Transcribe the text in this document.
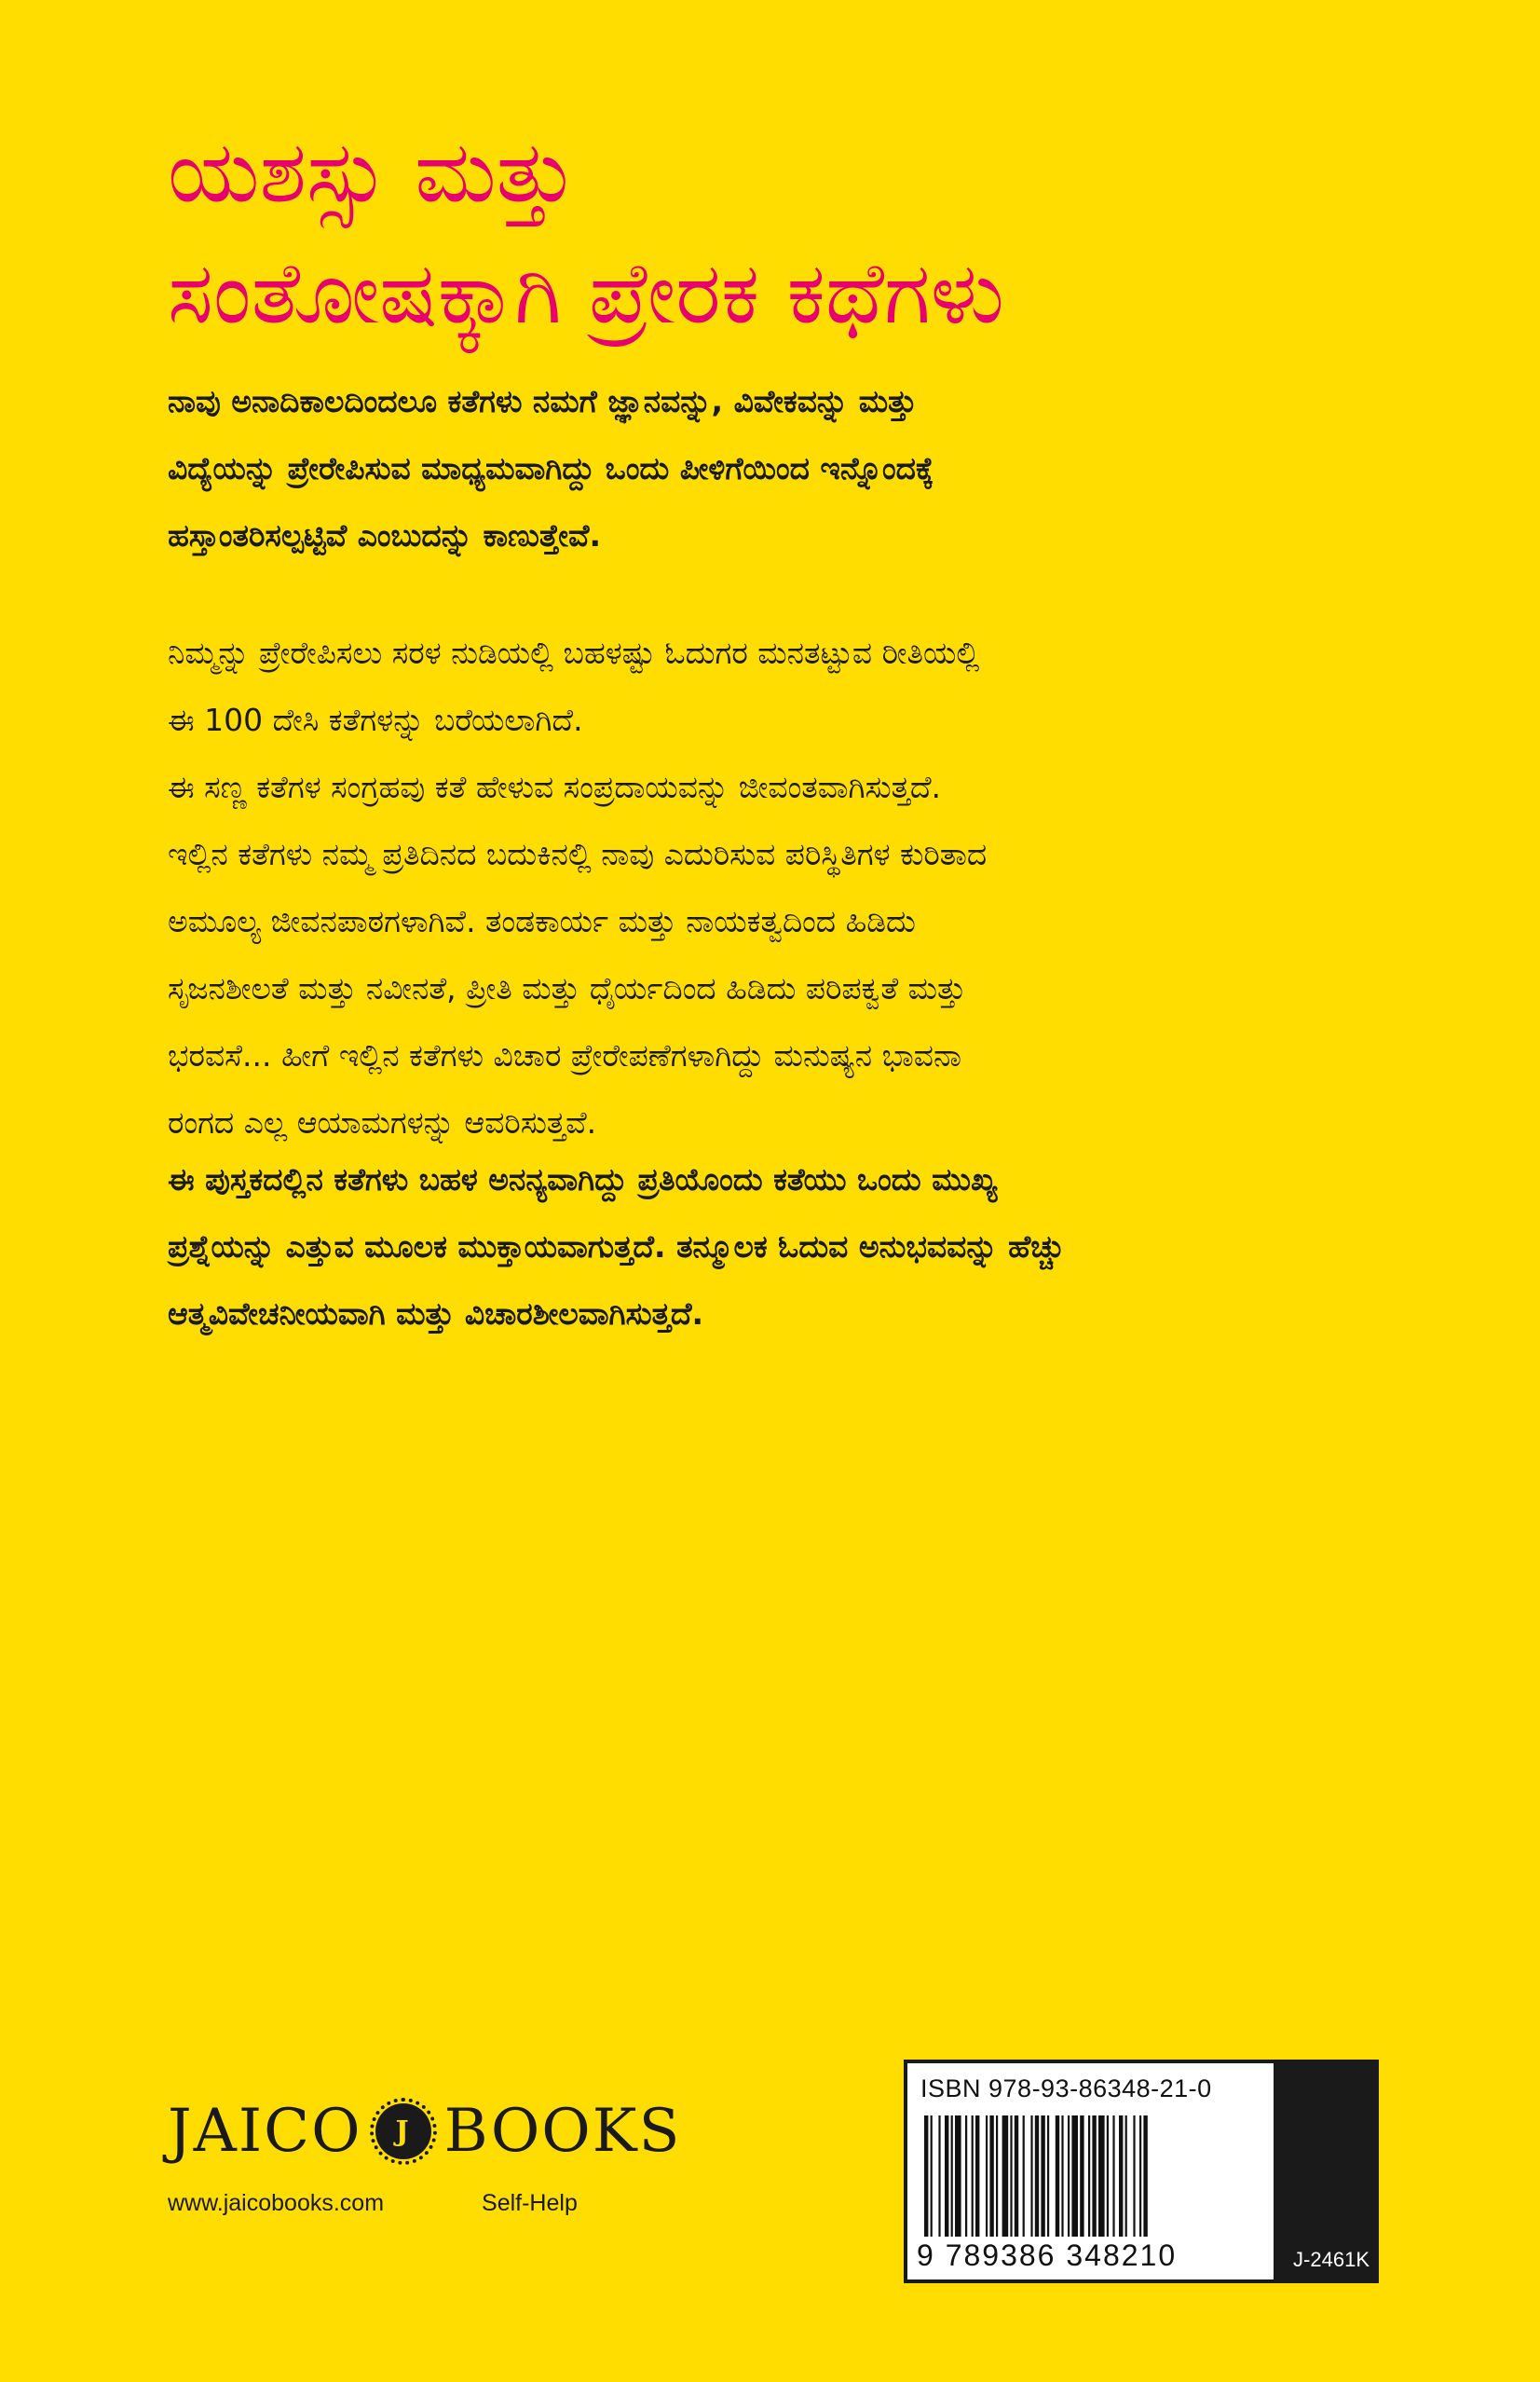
ಯಶಸ್ಸು ಮತ್ತು
ಸಂತೋಷಕ್ಕಾಗಿ ಪ್ರೇರಕ ಕಥೆಗಳು

ನಾವು ಅನಾದಿಕಾಲದಿಂದಲೂ ಕತೆಗಳು ನಮಗೆ ಜ್ಞಾನವನ್ನು, ವಿವೇಕವನ್ನು ಮತ್ತು
ವಿದ್ಯೆಯನ್ನು ಪ್ರೇರೇಪಿಸುವ ಮಾಧ್ಯಮವಾಗಿದ್ದು ಒಂದು ಪೀಳಿಗೆಯಿಂದ ಇನ್ನೊಂದಕ್ಕೆ
ಹಸ್ತಾಂತರಿಸಲ್ಪಟ್ಟಿವೆ ಎಂಬುದನ್ನು ಕಾಣುತ್ತೇವೆ.

ನಿಮ್ಮನ್ನು ಪ್ರೇರೇಪಿಸಲು ಸರಳ ನುಡಿಯಲ್ಲಿ ಬಹಳಷ್ಟು ಓದುಗರ ಮನತಟ್ಟುವ ರೀತಿಯಲ್ಲಿ
ಈ 100 ದೇಸಿ ಕತೆಗಳನ್ನು ಬರೆಯಲಾಗಿದೆ.
ಈ ಸಣ್ಣ ಕತೆಗಳ ಸಂಗ್ರಹವು ಕತೆ ಹೇಳುವ ಸಂಪ್ರದಾಯವನ್ನು ಜೀವಂತವಾಗಿಸುತ್ತದೆ.
ಇಲ್ಲಿನ ಕತೆಗಳು ನಮ್ಮ ಪ್ರತಿದಿನದ ಬದುಕಿನಲ್ಲಿ ನಾವು ಎದುರಿಸುವ ಪರಿಸ್ಥಿತಿಗಳ ಕುರಿತಾದ
ಅಮೂಲ್ಯ ಜೀವನಪಾಠಗಳಾಗಿವೆ. ತಂಡಕಾರ್ಯ ಮತ್ತು ನಾಯಕತ್ವದಿಂದ ಹಿಡಿದು
ಸೃಜನಶೀಲತೆ ಮತ್ತು ನವೀನತೆ, ಪ್ರೀತಿ ಮತ್ತು ಧೈರ್ಯದಿಂದ ಹಿಡಿದು ಪರಿಪಕ್ವತೆ ಮತ್ತು
ಭರವಸೆ... ಹೀಗೆ ಇಲ್ಲಿನ ಕತೆಗಳು ವಿಚಾರ ಪ್ರೇರೇಪಣೆಗಳಾಗಿದ್ದು ಮನುಷ್ಯನ ಭಾವನಾ
ರಂಗದ ಎಲ್ಲ ಆಯಾಮಗಳನ್ನು ಆವರಿಸುತ್ತವೆ.

ಈ ಪುಸ್ತಕದಲ್ಲಿನ ಕತೆಗಳು ಬಹಳ ಅನನ್ಯವಾಗಿದ್ದು ಪ್ರತಿಯೊಂದು ಕತೆಯು ಒಂದು ಮುಖ್ಯ
ಪ್ರಶ್ನೆಯನ್ನು ಎತ್ತುವ ಮೂಲಕ ಮುಕ್ತಾಯವಾಗುತ್ತದೆ. ತನ್ಮೂಲಕ ಓದುವ ಅನುಭವವನ್ನು ಹೆಚ್ಚು
ಆತ್ಮವಿವೇಚನೀಯವಾಗಿ ಮತ್ತು ವಿಚಾರಶೀಲವಾಗಿಸುತ್ತದೆ.

JAICO J BOOKS
www.jaicobooks.com	Self-Help
ISBN 978-93-86348-21-0
9 789386 348210	J-2461K
